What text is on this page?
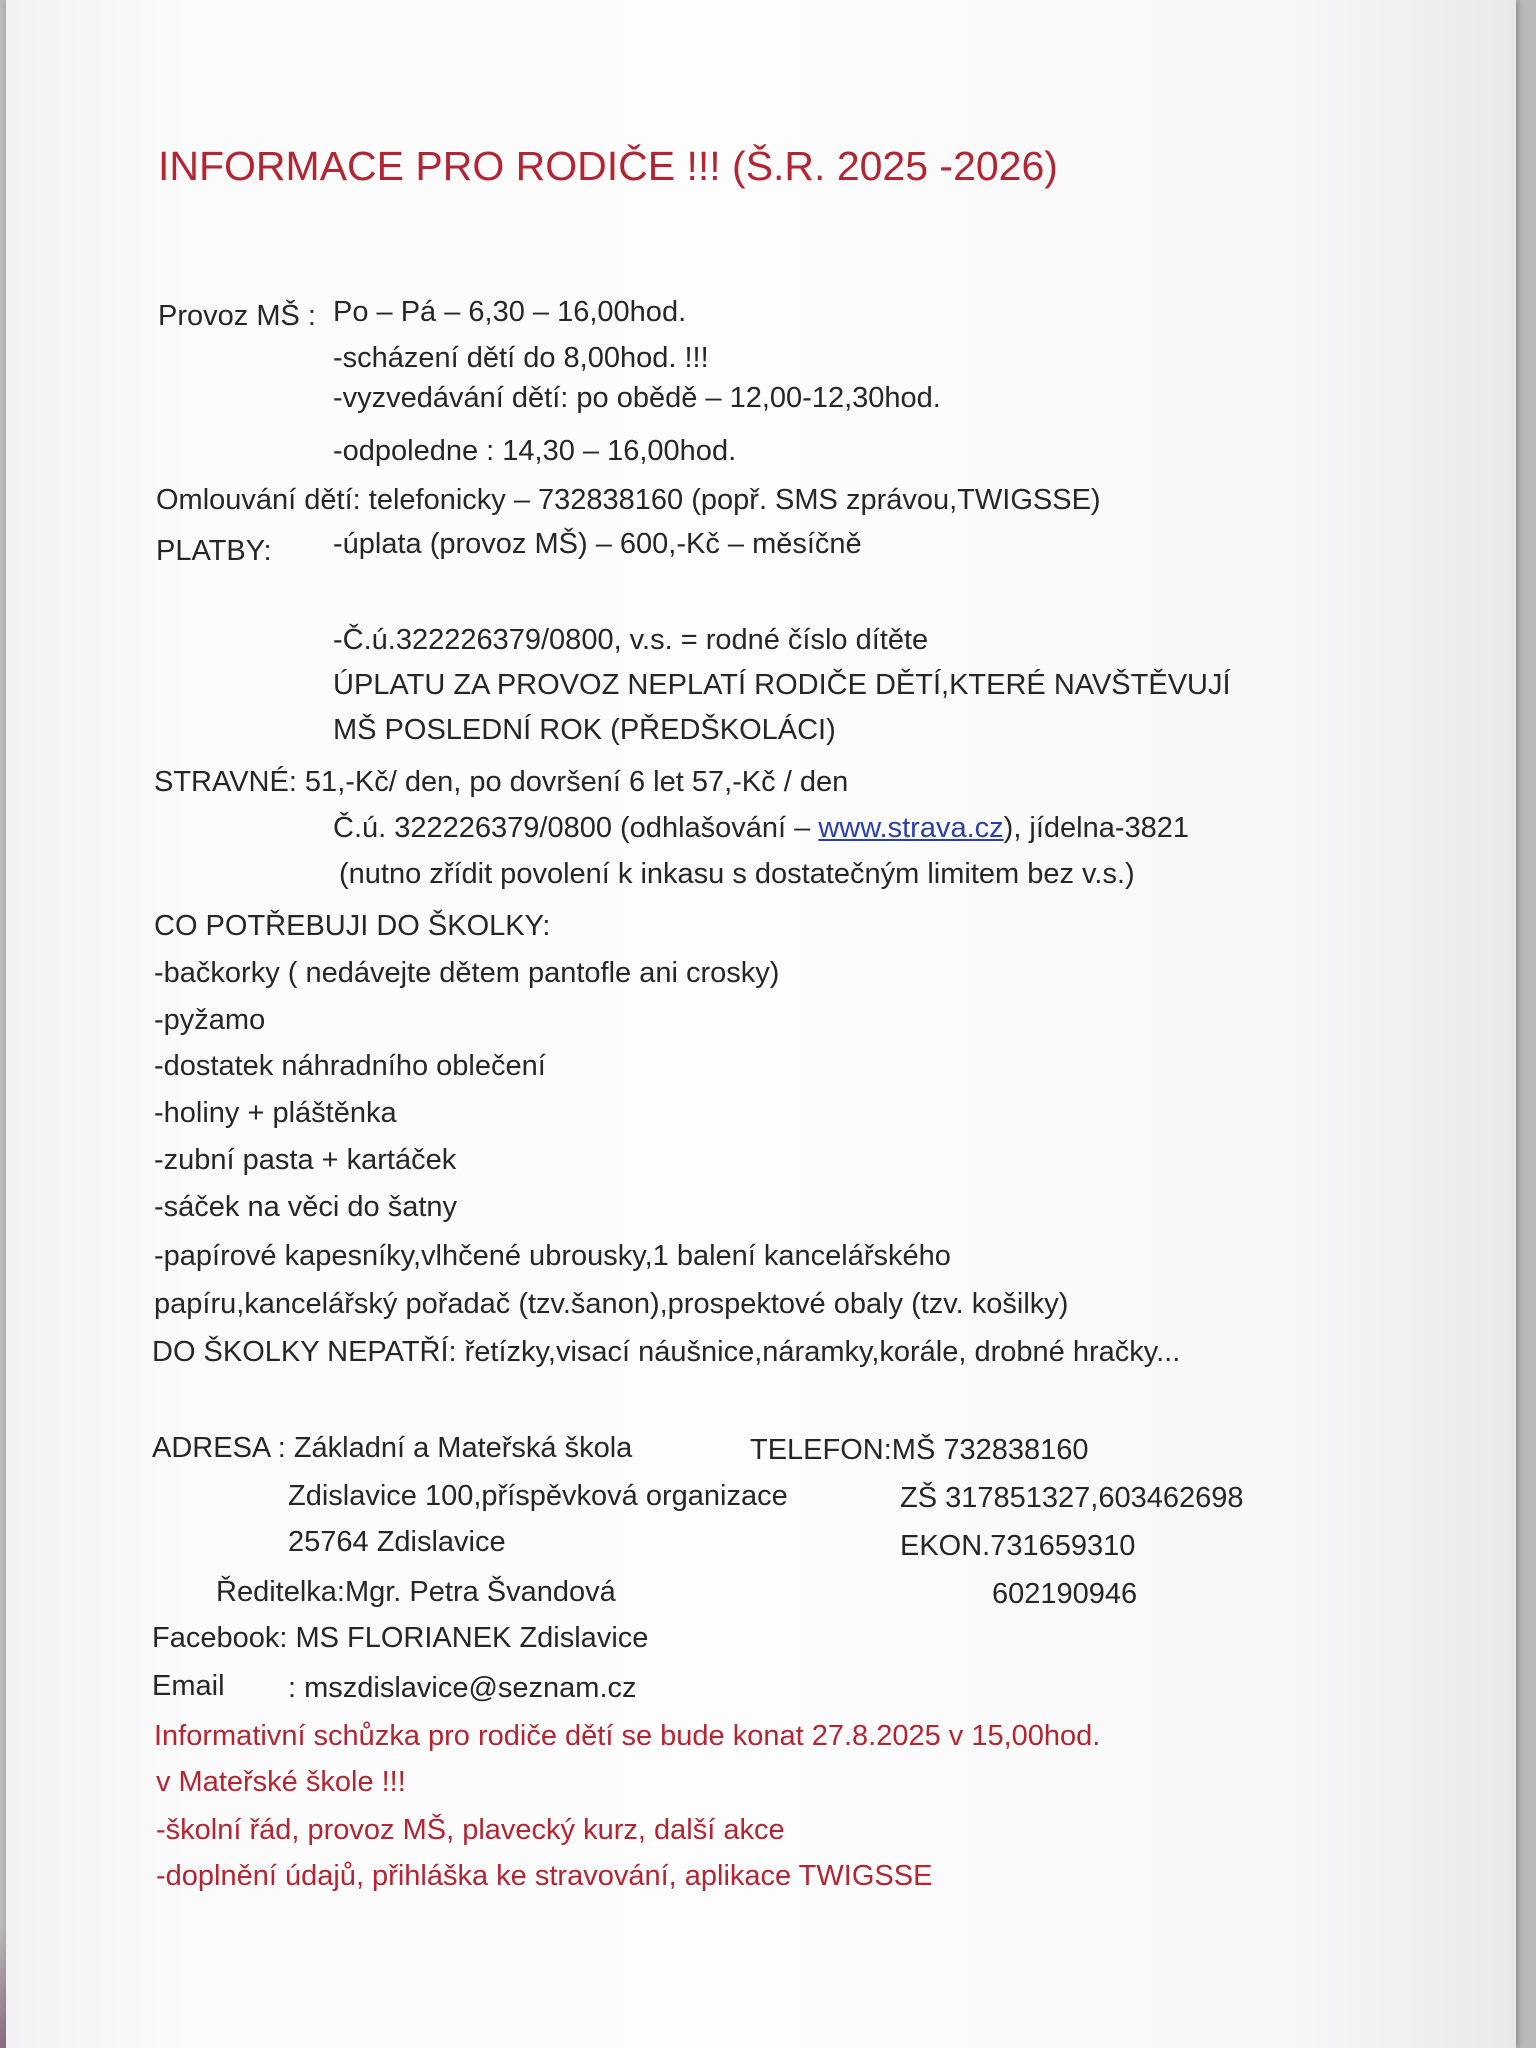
INFORMACE PRO RODIČE !!! (Š.R. 2025 -2026)
Provoz MŠ : Po – Pá – 6,30 – 16,00hod.
-scházení dětí do 8,00hod. !!!
-vyzvedávání dětí: po obědě – 12,00-12,30hod.
-odpoledne : 14,30 – 16,00hod.
Omlouvání dětí: telefonicky – 732838160 (popř. SMS zprávou,TWIGSSE)
PLATBY: -úplata (provoz MŠ) – 600,-Kč – měsíčně
-Č.ú.322226379/0800, v.s. = rodné číslo dítěte
ÚPLATU ZA PROVOZ NEPLATÍ RODIČE DĚTÍ,KTERÉ NAVŠTĚVUJÍ
MŠ POSLEDNÍ ROK (PŘEDŠKOLÁCI)
STRAVNÉ: 51,-Kč/ den, po dovršení 6 let 57,-Kč / den
Č.ú. 322226379/0800 (odhlašování – www.strava.cz), jídelna-3821
(nutno zřídit povolení k inkasu s dostatečným limitem bez v.s.)
CO POTŘEBUJI DO ŠKOLKY:
-bačkorky ( nedávejte dětem pantofle ani crosky)
-pyžamo
-dostatek náhradního oblečení
-holiny + pláštěnka
-zubní pasta + kartáček
-sáček na věci do šatny
-papírové kapesníky,vlhčené ubrousky,1 balení kancelářského
papíru,kancelářský pořadač (tzv.šanon),prospektové obaly (tzv. košilky)
DO ŠKOLKY NEPATŘÍ: řetízky,visací náušnice,náramky,korále, drobné hračky...
ADRESA : Základní a Mateřská škola
Zdislavice 100,příspěvková organizace
25764 Zdislavice
Ředitelka:Mgr. Petra Švandová
TELEFON:MŠ 732838160
ZŠ 317851327,603462698
EKON.731659310
602190946
Facebook: MS FLORIANEK Zdislavice
Email : mszdislavice@seznam.cz
Informativní schůzka pro rodiče dětí se bude konat 27.8.2025 v 15,00hod.
v Mateřské škole !!!
-školní řád, provoz MŠ, plavecký kurz, další akce
-doplnění údajů, přihláška ke stravování, aplikace TWIGSSE
